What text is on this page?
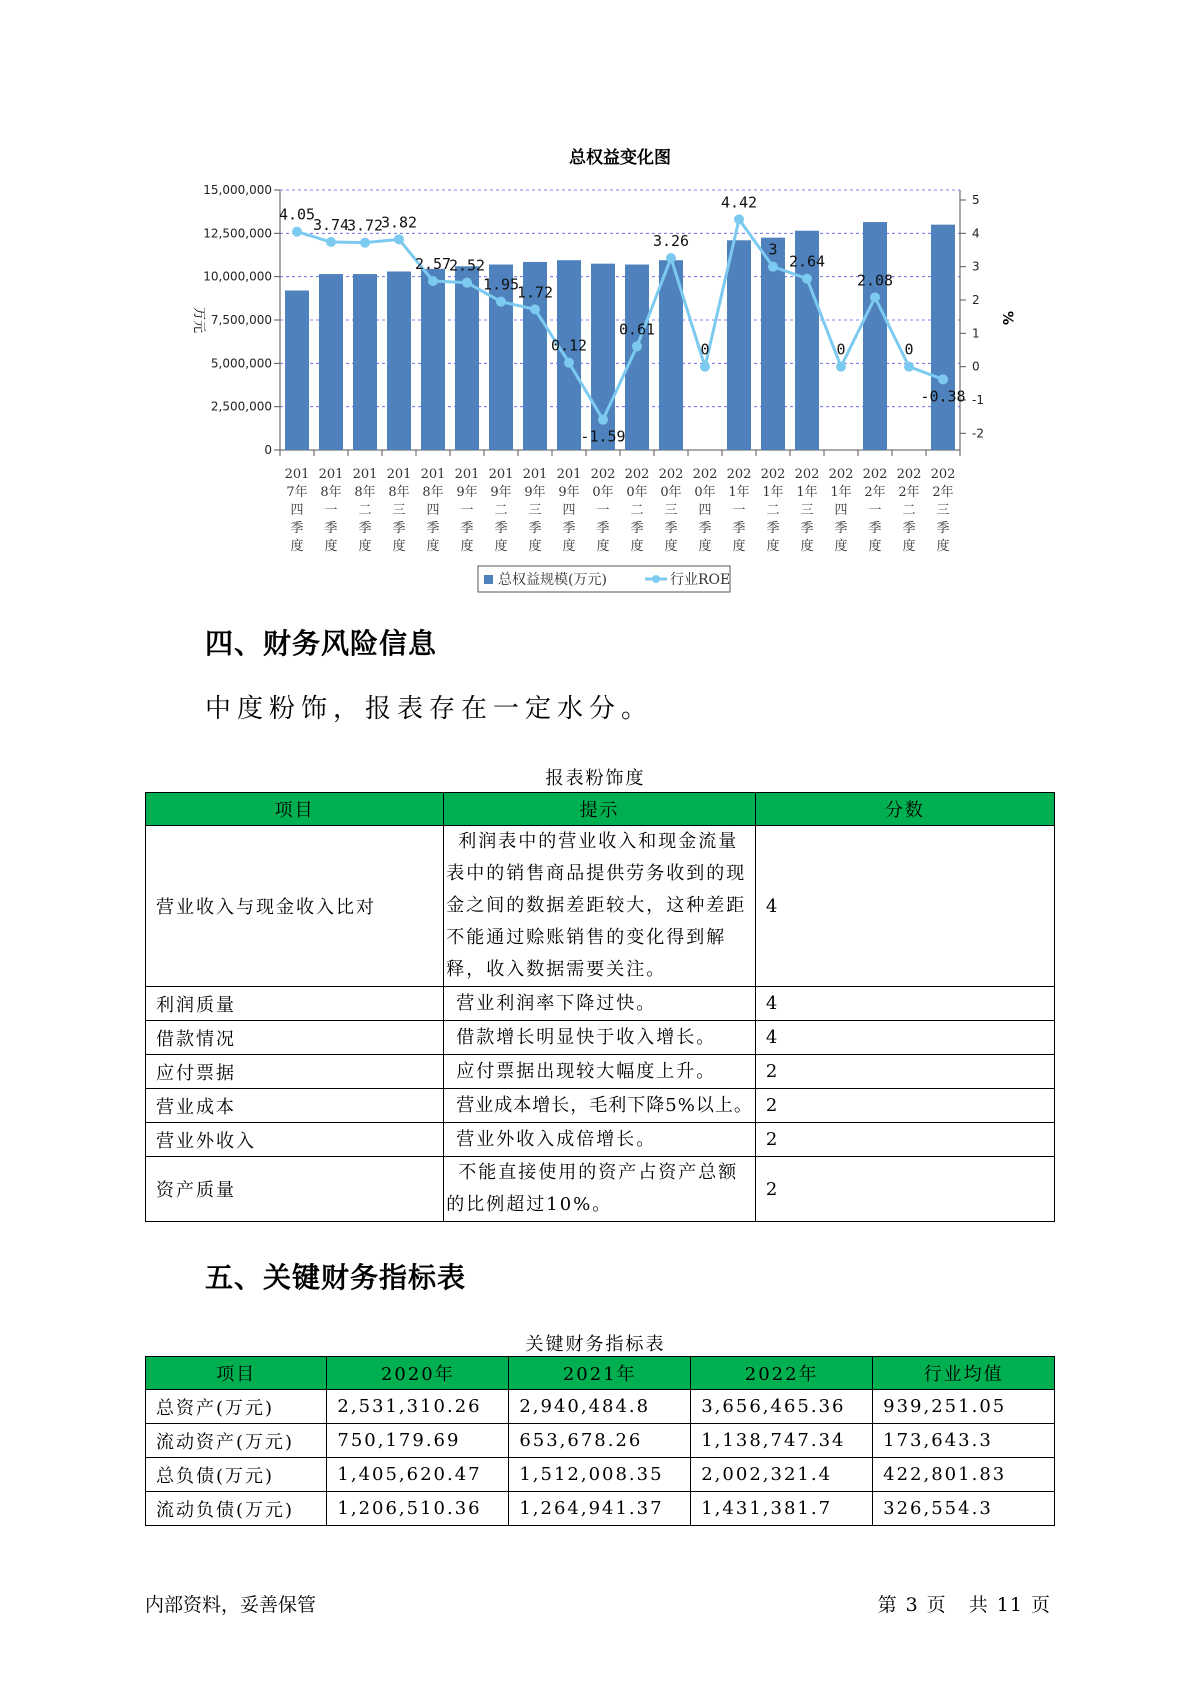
总权益变化图
15,000,000
12,500,000
10,000,000
7,500,000
5,000,000
2,500,000
0
5
4
3
2
1
0
-1
-2
万元	%
201
7年
四
季
度
201
8年
一
季
度
201
8年
二
季
度
201
8年
三
季
度
201
8年
四
季
度
201
9年
一
季
度
201
9年
二
季
度
201
9年
三
季
度
201
9年
四
季
度
202
0年
一
季
度
202
0年
二
季
度
202
0年
三
季
度
202
0年
四
季
度
202
1年
一
季
度
202
1年
二
季
度
202
1年
三
季
度
202
1年
四
季
度
202
2年
一
季
度
202
2年
二
季
度
202
2年
三
季
度
4.05
3.74
3.72
3.82
2.57
2.52
1.95
1.72
0.12
-1.59
0.61
3.26
0
4.42
3
2.64
0
2.08
0
-0.38
总权益规模(万元)	行业ROE
四、财务风险信息
中度粉饰，报表存在一定水分。
报表粉饰度
项目	提示	分数
营业收入与现金收入比对	利润表中的营业收入和现金流量表中的销售商品提供劳务收到的现金之间的数据差距较大，这种差距不能通过赊账销售的变化得到解释，收入数据需要关注。	4
利润质量	营业利润率下降过快。	4
借款情况	借款增长明显快于收入增长。	4
应付票据	应付票据出现较大幅度上升。	2
营业成本	营业成本增长，毛利下降5%以上。	2
营业外收入	营业外收入成倍增长。	2
资产质量	不能直接使用的资产占资产总额的比例超过10%。	2
五、关键财务指标表
关键财务指标表
项目	2020年	2021年	2022年	行业均值
总资产(万元)	2,531,310.26	2,940,484.8	3,656,465.36	939,251.05
流动资产(万元)	750,179.69	653,678.26	1,138,747.34	173,643.3
总负债(万元)	1,405,620.47	1,512,008.35	2,002,321.4	422,801.83
流动负债(万元)	1,206,510.36	1,264,941.37	1,431,381.7	326,554.3
内部资料，妥善保管	第 3 页 共 11 页
